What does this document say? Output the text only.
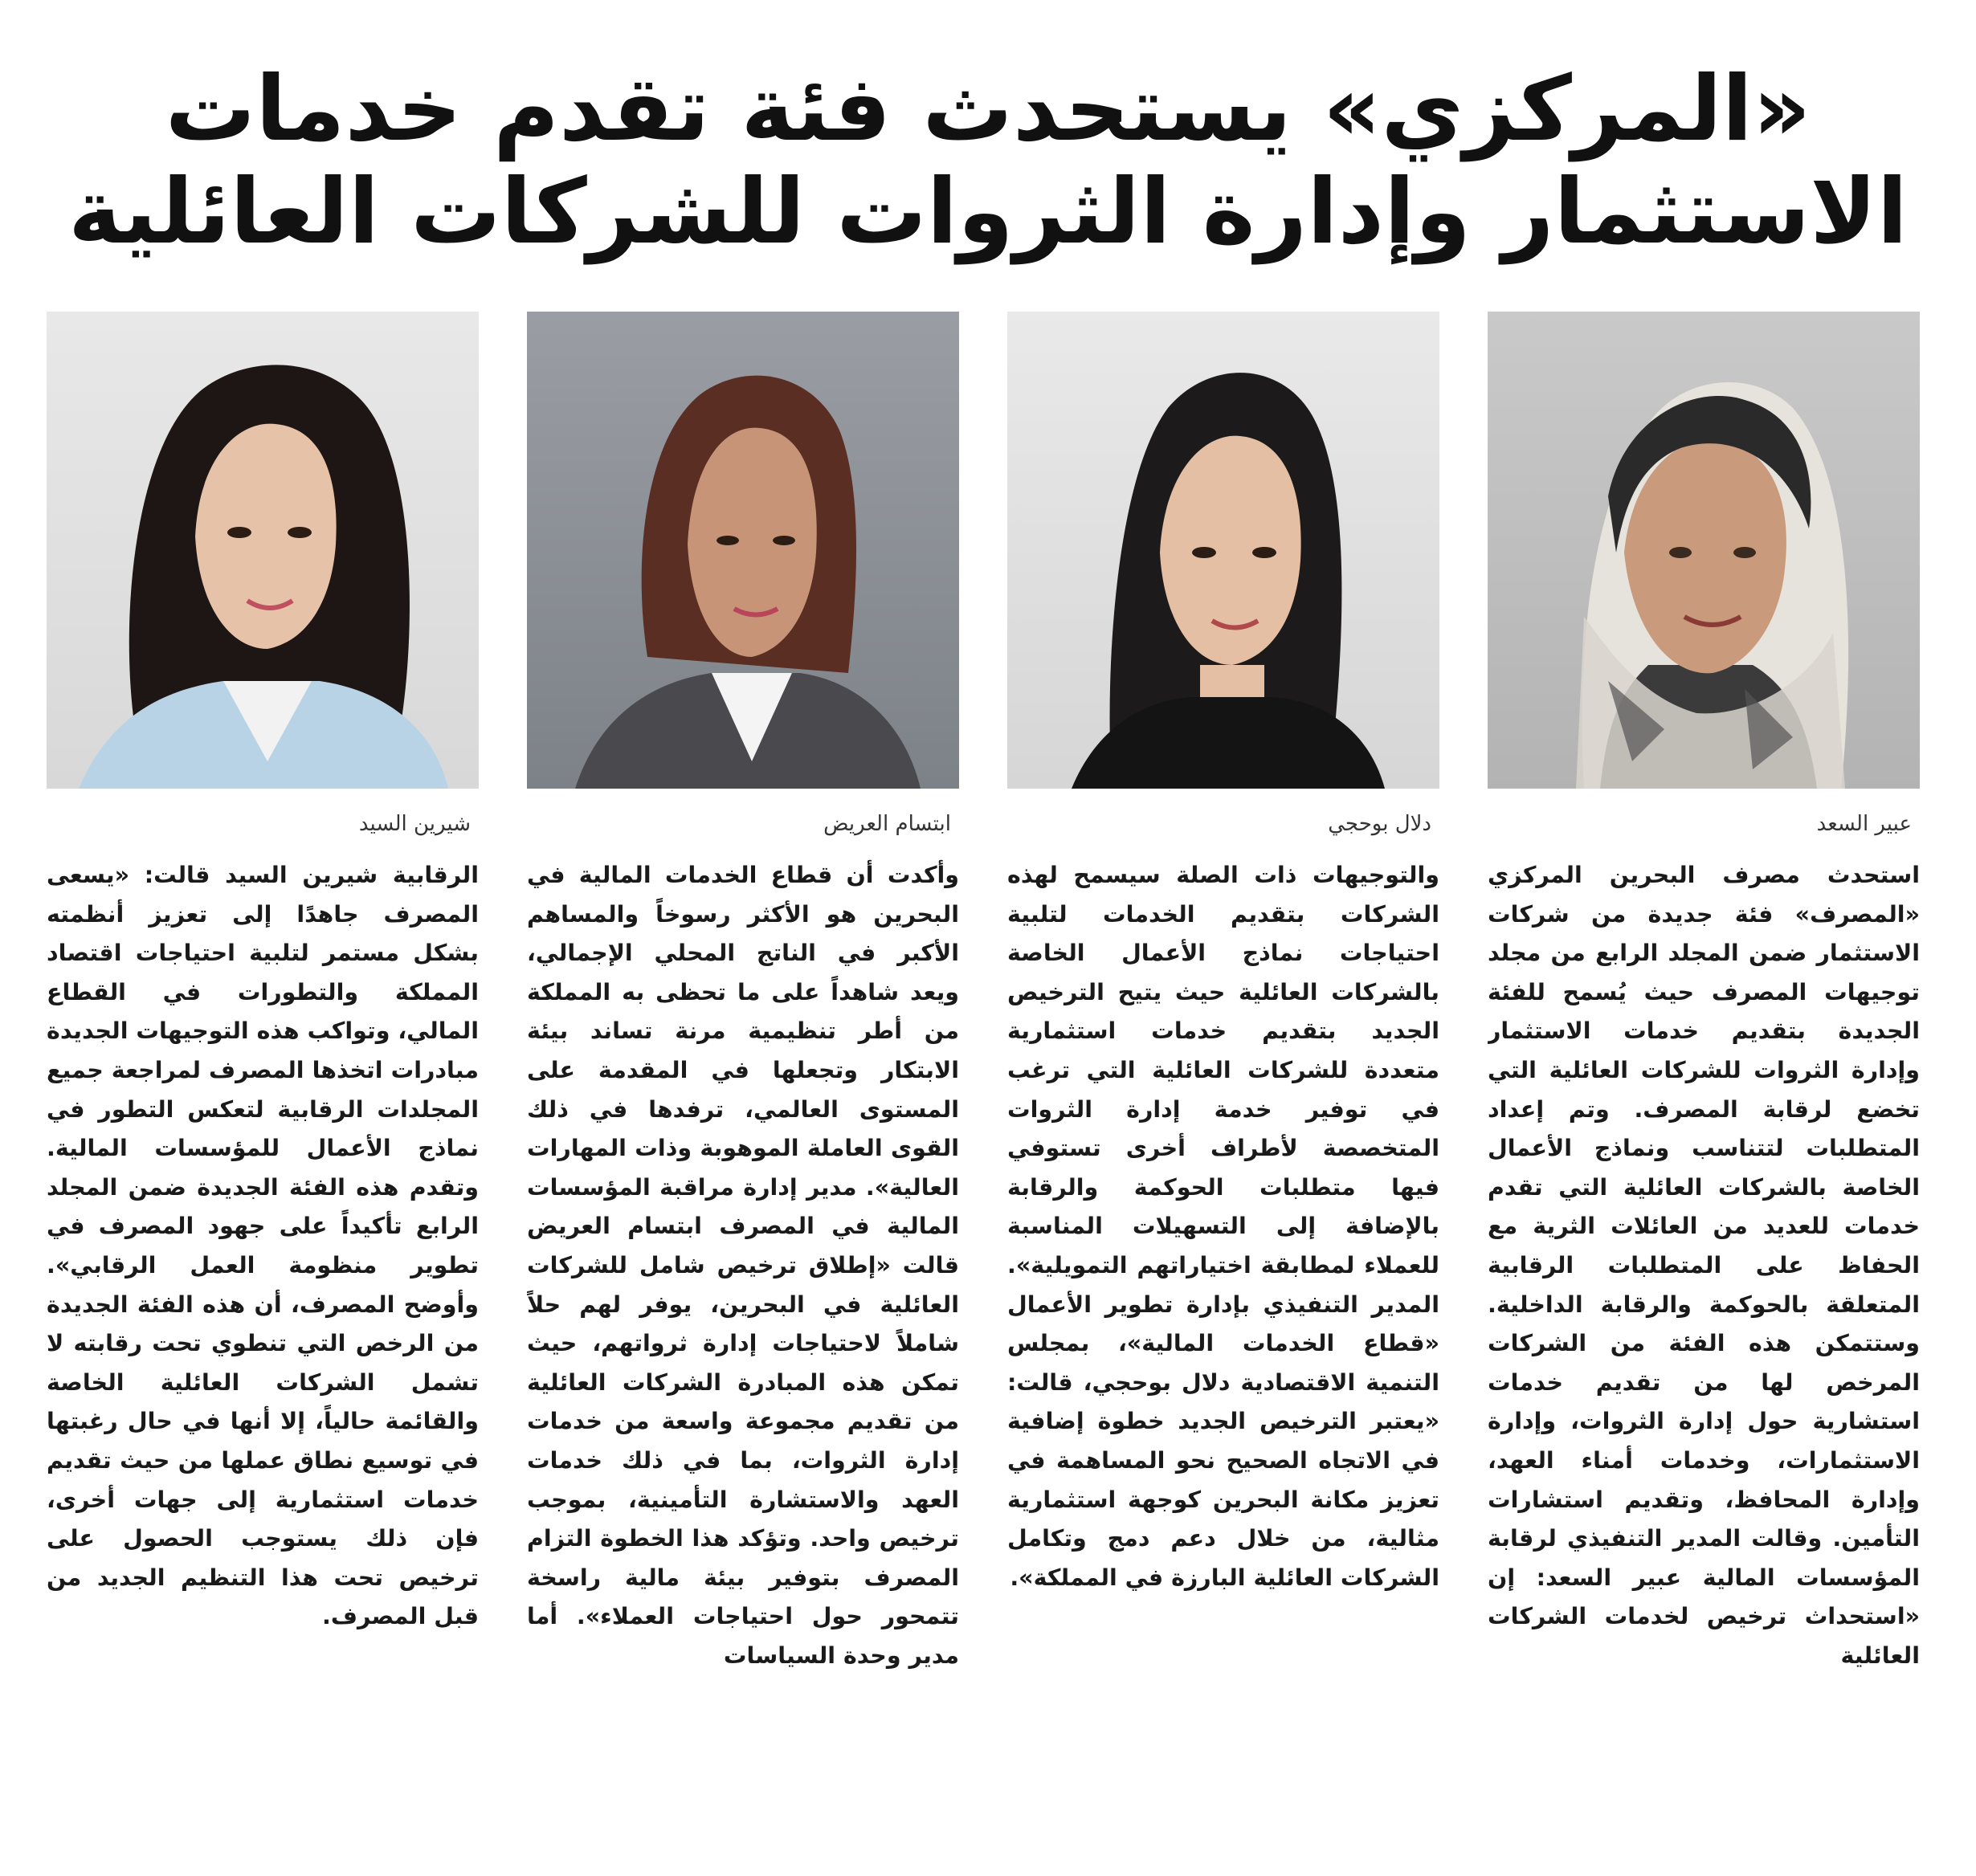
«المركزي» يستحدث فئة تقدم خدمات
الاستثمار وإدارة الثروات للشركات العائلية
عبير السعد
استحدث مصرف البحرين المركزي «المصرف» فئة جديدة من شركات الاستثمار ضمن المجلد الرابع من مجلد توجيهات المصرف حيث يُسمح للفئة الجديدة بتقديم خدمات الاستثمار وإدارة الثروات للشركات العائلية التي تخضع لرقابة المصرف. وتم إعداد المتطلبات لتتناسب ونماذج الأعمال الخاصة بالشركات العائلية التي تقدم خدمات للعديد من العائلات الثرية مع الحفاظ على المتطلبات الرقابية المتعلقة بالحوكمة والرقابة الداخلية. وستتمكن هذه الفئة من الشركات المرخص لها من تقديم خدمات استشارية حول إدارة الثروات، وإدارة الاستثمارات، وخدمات أمناء العهد، وإدارة المحافظ، وتقديم استشارات التأمين. وقالت المدير التنفيذي لرقابة المؤسسات المالية عبير السعد: إن «استحداث ترخيص لخدمات الشركات العائلية
دلال بوحجي
والتوجيهات ذات الصلة سيسمح لهذه الشركات بتقديم الخدمات لتلبية احتياجات نماذج الأعمال الخاصة بالشركات العائلية حيث يتيح الترخيص الجديد بتقديم خدمات استثمارية متعددة للشركات العائلية التي ترغب في توفير خدمة إدارة الثروات المتخصصة لأطراف أخرى تستوفي فيها متطلبات الحوكمة والرقابة بالإضافة إلى التسهيلات المناسبة للعملاء لمطابقة اختياراتهم التمويلية». المدير التنفيذي بإدارة تطوير الأعمال «قطاع الخدمات المالية»، بمجلس التنمية الاقتصادية دلال بوحجي، قالت: «يعتبر الترخيص الجديد خطوة إضافية في الاتجاه الصحيح نحو المساهمة في تعزيز مكانة البحرين كوجهة استثمارية مثالية، من خلال دعم دمج وتكامل الشركات العائلية البارزة في المملكة».
ابتسام العريض
وأكدت أن قطاع الخدمات المالية في البحرين هو الأكثر رسوخاً والمساهم الأكبر في الناتج المحلي الإجمالي، ويعد شاهداً على ما تحظى به المملكة من أطر تنظيمية مرنة تساند بيئة الابتكار وتجعلها في المقدمة على المستوى العالمي، ترفدها في ذلك القوى العاملة الموهوبة وذات المهارات العالية». مدير إدارة مراقبة المؤسسات المالية في المصرف ابتسام العريض قالت «إطلاق ترخيص شامل للشركات العائلية في البحرين، يوفر لهم حلاً شاملاً لاحتياجات إدارة ثرواتهم، حيث تمكن هذه المبادرة الشركات العائلية من تقديم مجموعة واسعة من خدمات إدارة الثروات، بما في ذلك خدمات العهد والاستشارة التأمينية، بموجب ترخيص واحد. وتؤكد هذا الخطوة التزام المصرف بتوفير بيئة مالية راسخة تتمحور حول احتياجات العملاء». أما مدير وحدة السياسات
شيرين السيد
الرقابية شيرين السيد قالت: «يسعى المصرف جاهدًا إلى تعزيز أنظمته بشكل مستمر لتلبية احتياجات اقتصاد المملكة والتطورات في القطاع المالي، وتواكب هذه التوجيهات الجديدة مبادرات اتخذها المصرف لمراجعة جميع المجلدات الرقابية لتعكس التطور في نماذج الأعمال للمؤسسات المالية. وتقدم هذه الفئة الجديدة ضمن المجلد الرابع تأكيداً على جهود المصرف في تطوير منظومة العمل الرقابي». وأوضح المصرف، أن هذه الفئة الجديدة من الرخص التي تنطوي تحت رقابته لا تشمل الشركات العائلية الخاصة والقائمة حالياً، إلا أنها في حال رغبتها في توسيع نطاق عملها من حيث تقديم خدمات استثمارية إلى جهات أخرى، فإن ذلك يستوجب الحصول على ترخيص تحت هذا التنظيم الجديد من قبل المصرف.
